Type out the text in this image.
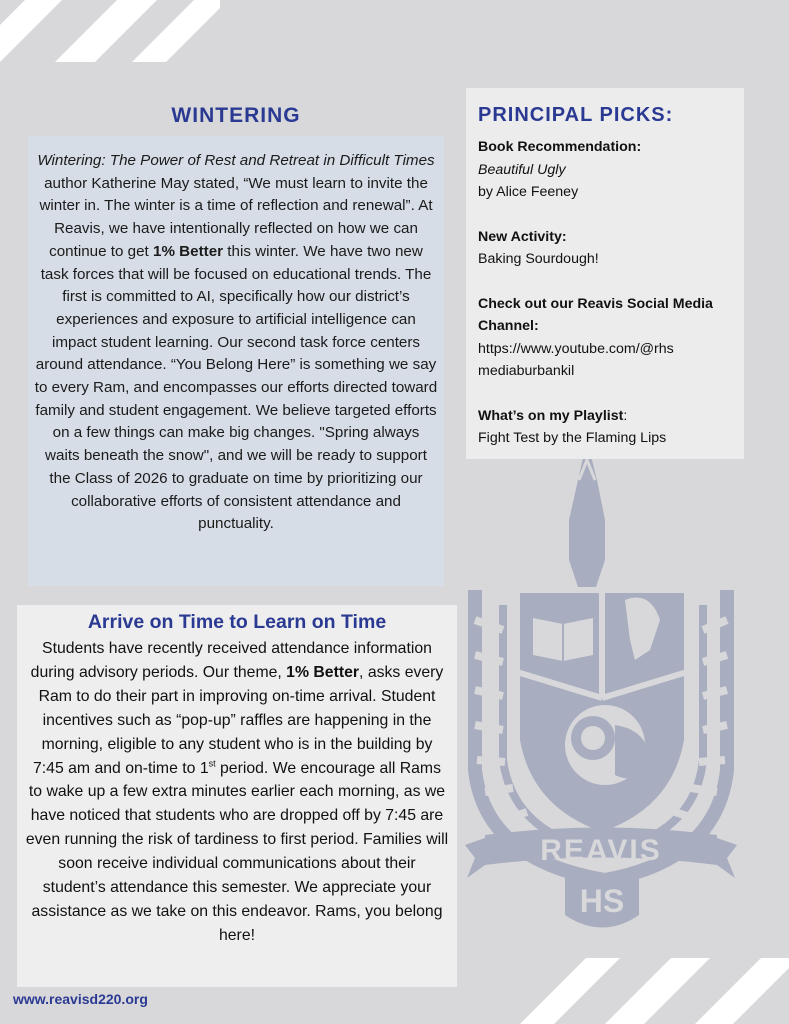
REAVIS
HS
WINTERING
Wintering: The Power of Rest and Retreat in Difficult Times author Katherine May stated, “We must learn to invite the winter in. The winter is a time of reflection and renewal”. At Reavis, we have intentionally reflected on how we can continue to get 1% Better this winter. We have two new task forces that will be focused on educational trends. The first is committed to AI, specifically how our district’s experiences and exposure to artificial intelligence can impact student learning. Our second task force centers around attendance. “You Belong Here” is something we say to every Ram, and encompasses our efforts directed toward family and student engagement. We believe targeted efforts on a few things can make big changes. "Spring always waits beneath the snow", and we will be ready to support the Class of 2026 to graduate on time by prioritizing our collaborative efforts of consistent attendance and punctuality.
PRINCIPAL PICKS:
Book Recommendation:
Beautiful Ugly
by Alice Feeney
New Activity:
Baking Sourdough!
Check out our Reavis Social Media Channel:
https://www.youtube.com/@rhs
mediaburbankil
What’s on my Playlist:
Fight Test by the Flaming Lips
Arrive on Time to Learn on Time
Students have recently received attendance information during advisory periods. Our theme, 1% Better, asks every Ram to do their part in improving on-time arrival. Student incentives such as “pop-up” raffles are happening in the morning, eligible to any student who is in the building by 7:45 am and on-time to 1st period. We encourage all Rams to wake up a few extra minutes earlier each morning, as we have noticed that students who are dropped off by 7:45 are even running the risk of tardiness to first period. Families will soon receive individual communications about their student’s attendance this semester. We appreciate your assistance as we take on this endeavor. Rams, you belong here!
www.reavisd220.org
